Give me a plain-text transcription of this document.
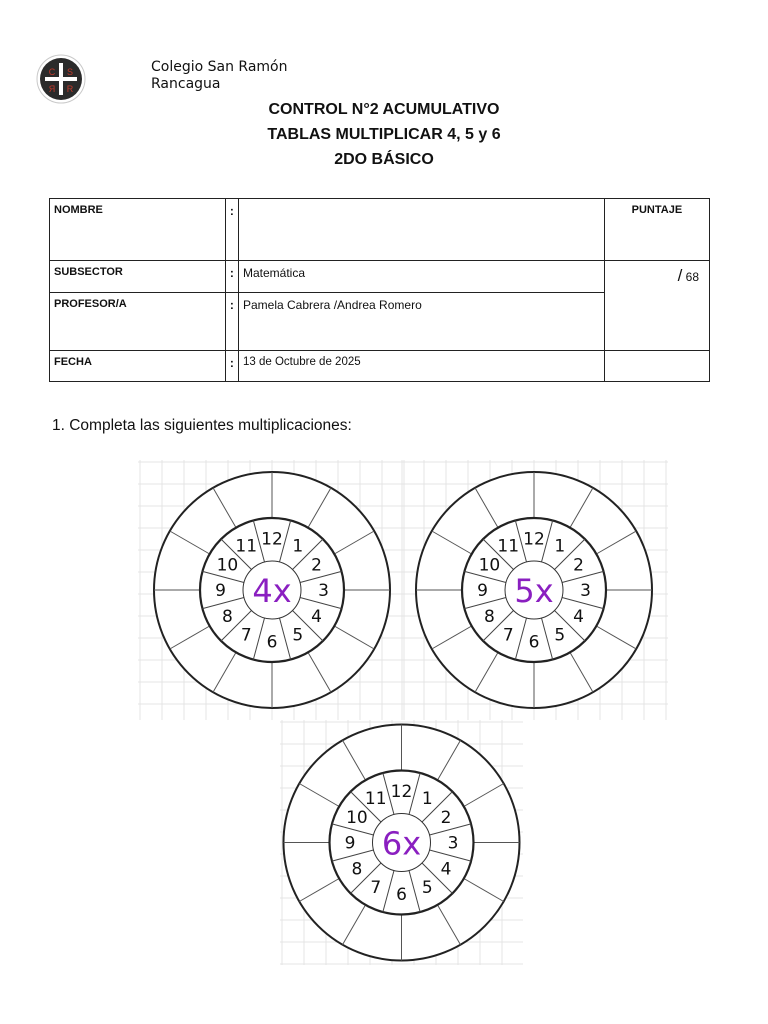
C S
R R
Colegio San Ramón
Rancagua
CONTROL N°2 ACUMULATIVO
TABLAS MULTIPLICAR 4, 5 y 6
2DO BÁSICO
NOMBRE	:		PUNTAJE
SUBSECTOR	:	Matemática	/ 68
PROFESOR/A	:	Pamela Cabrera /Andrea Romero	
FECHA	:	13 de Octubre de 2025	
1. Completa las siguientes multiplicaciones:
12 1
2
3
4
5
6
7
8
9
10
11
4x
12 1
2
3
4
5
6
7
8
9
10
11
5x
12 1
2
3
4
5
6
7
8
9
10
11
6x
